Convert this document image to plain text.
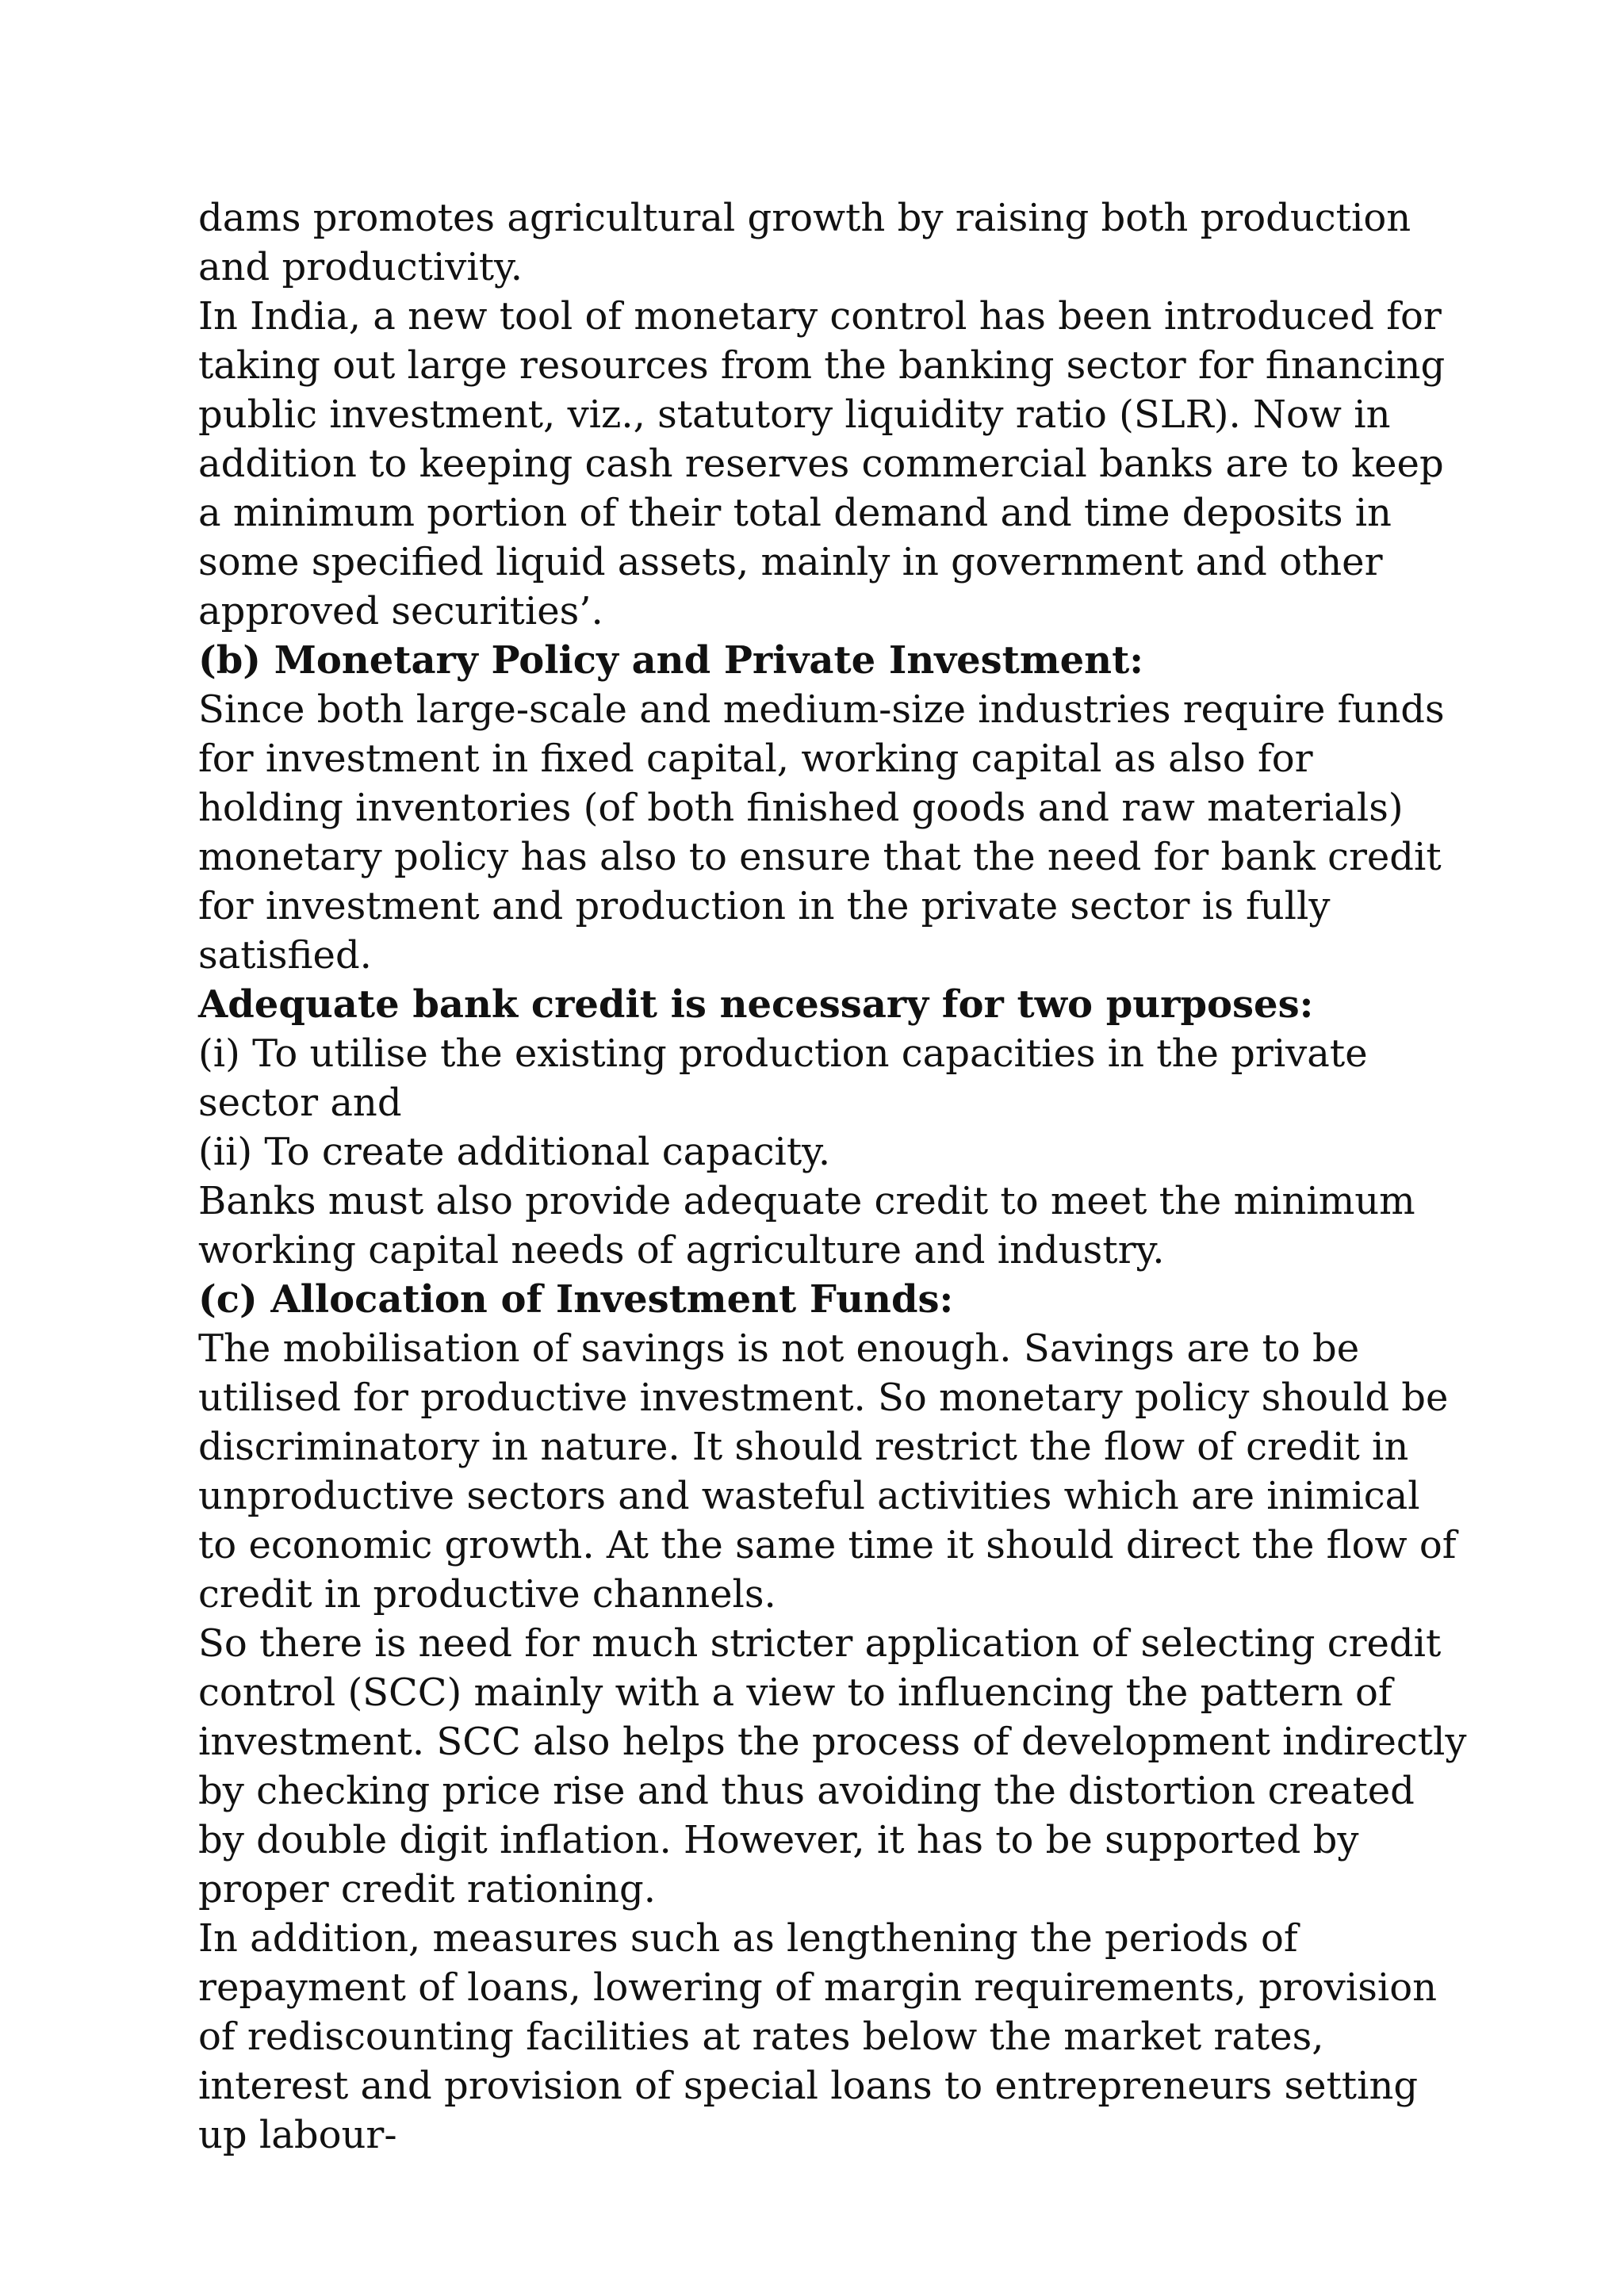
dams promotes agricultural growth by raising both production and productivity.

In India, a new tool of monetary control has been introduced for taking out large resources from the banking sector for financing public investment, viz., statutory liquidity ratio (SLR). Now in addition to keeping cash reserves commercial banks are to keep a minimum portion of their total demand and time deposits in some specified liquid assets, mainly in government and other approved securities’.

(b) Monetary Policy and Private Investment:

Since both large-scale and medium-size industries require funds for investment in fixed capital, working capital as also for holding inventories (of both finished goods and raw materials) monetary policy has also to ensure that the need for bank credit for investment and production in the private sector is fully satisfied.

Adequate bank credit is necessary for two purposes:

(i) To utilise the existing production capacities in the private sector and

(ii) To create additional capacity.

Banks must also provide adequate credit to meet the minimum working capital needs of agriculture and industry.

(c) Allocation of Investment Funds:

The mobilisation of savings is not enough. Savings are to be utilised for productive investment. So monetary policy should be discriminatory in nature. It should restrict the flow of credit in unproductive sectors and wasteful activities which are inimical to economic growth. At the same time it should direct the flow of credit in productive channels.

So there is need for much stricter application of selecting credit control (SCC) mainly with a view to influencing the pattern of investment. SCC also helps the process of development indirectly by checking price rise and thus avoiding the distortion created by double digit inflation. However, it has to be supported by proper credit rationing.

In addition, measures such as lengthening the periods of repayment of loans, lowering of margin requirements, provision of rediscounting facilities at rates below the market rates, interest and provision of special loans to entrepreneurs setting up labour-
